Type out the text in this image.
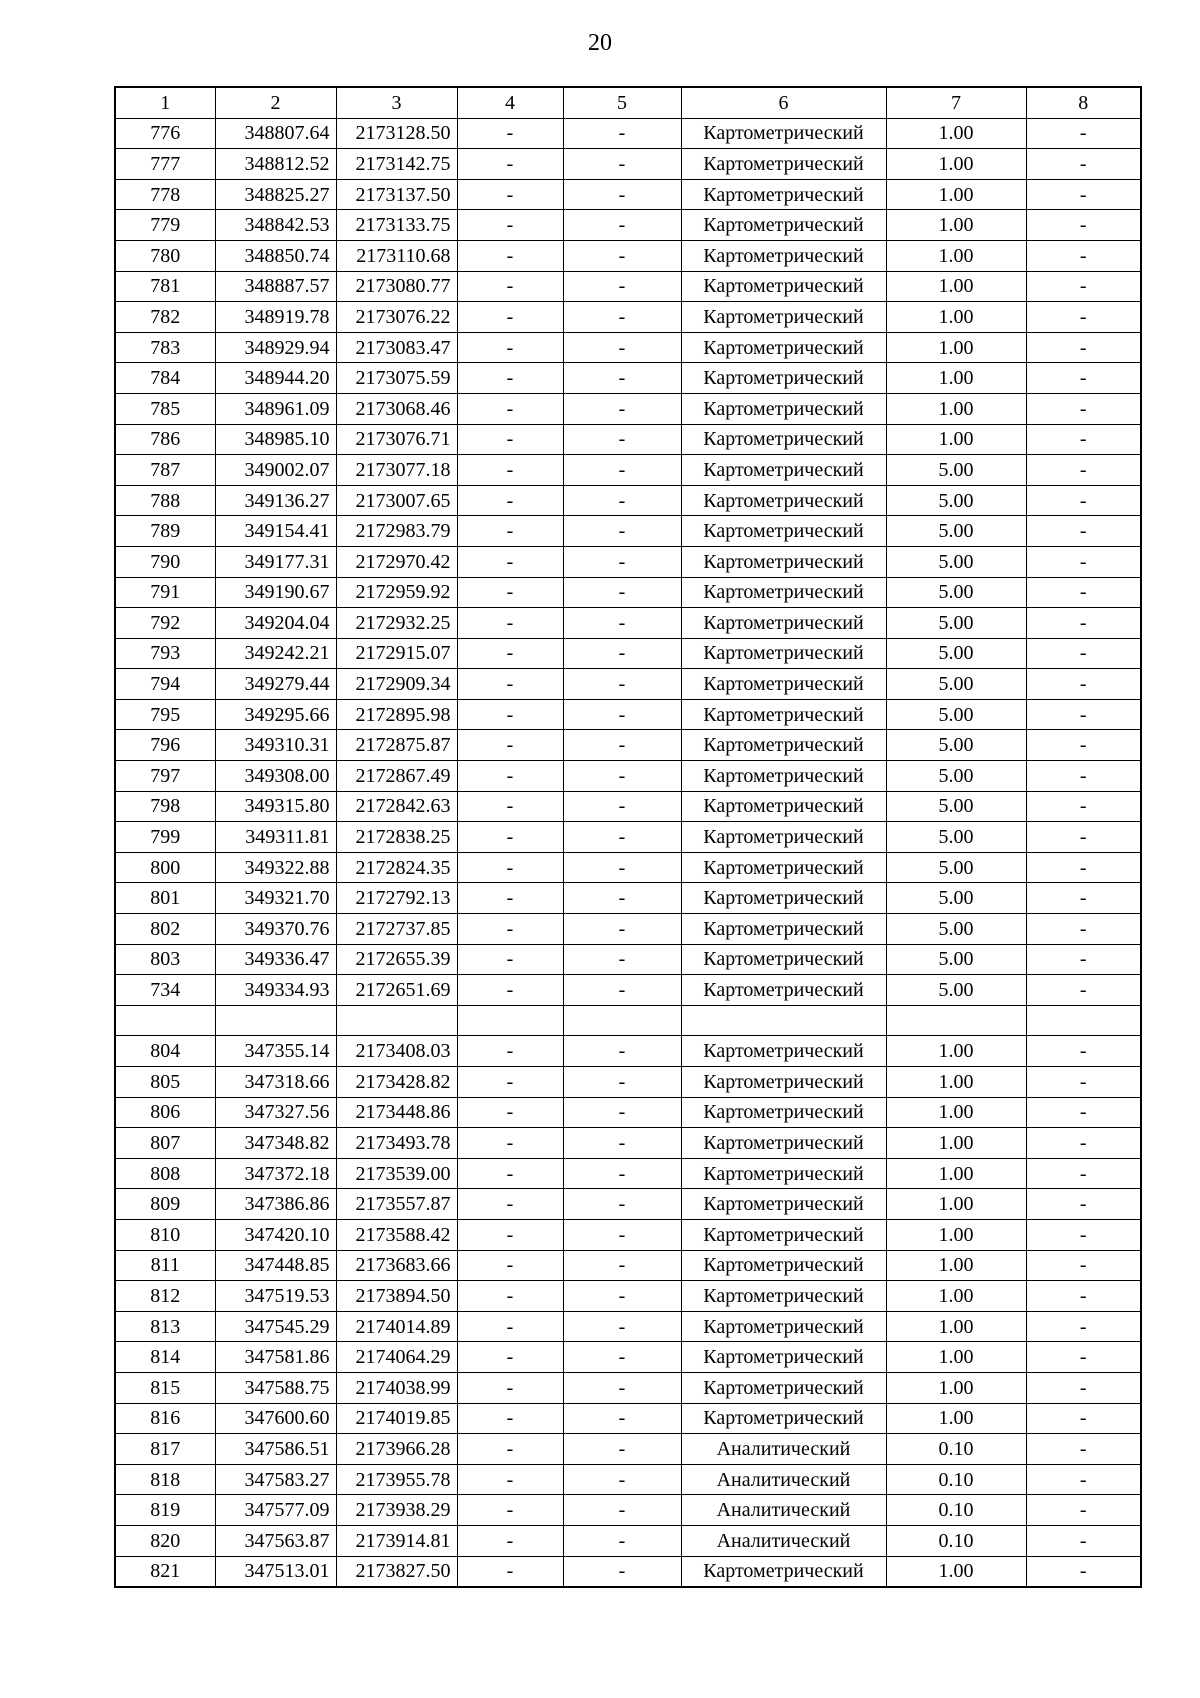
20
1	2	3	4	5	6	7	8
776	348807.64	2173128.50	-	-	Картометрический	1.00	-
777	348812.52	2173142.75	-	-	Картометрический	1.00	-
778	348825.27	2173137.50	-	-	Картометрический	1.00	-
779	348842.53	2173133.75	-	-	Картометрический	1.00	-
780	348850.74	2173110.68	-	-	Картометрический	1.00	-
781	348887.57	2173080.77	-	-	Картометрический	1.00	-
782	348919.78	2173076.22	-	-	Картометрический	1.00	-
783	348929.94	2173083.47	-	-	Картометрический	1.00	-
784	348944.20	2173075.59	-	-	Картометрический	1.00	-
785	348961.09	2173068.46	-	-	Картометрический	1.00	-
786	348985.10	2173076.71	-	-	Картометрический	1.00	-
787	349002.07	2173077.18	-	-	Картометрический	5.00	-
788	349136.27	2173007.65	-	-	Картометрический	5.00	-
789	349154.41	2172983.79	-	-	Картометрический	5.00	-
790	349177.31	2172970.42	-	-	Картометрический	5.00	-
791	349190.67	2172959.92	-	-	Картометрический	5.00	-
792	349204.04	2172932.25	-	-	Картометрический	5.00	-
793	349242.21	2172915.07	-	-	Картометрический	5.00	-
794	349279.44	2172909.34	-	-	Картометрический	5.00	-
795	349295.66	2172895.98	-	-	Картометрический	5.00	-
796	349310.31	2172875.87	-	-	Картометрический	5.00	-
797	349308.00	2172867.49	-	-	Картометрический	5.00	-
798	349315.80	2172842.63	-	-	Картометрический	5.00	-
799	349311.81	2172838.25	-	-	Картометрический	5.00	-
800	349322.88	2172824.35	-	-	Картометрический	5.00	-
801	349321.70	2172792.13	-	-	Картометрический	5.00	-
802	349370.76	2172737.85	-	-	Картометрический	5.00	-
803	349336.47	2172655.39	-	-	Картометрический	5.00	-
734	349334.93	2172651.69	-	-	Картометрический	5.00	-

804	347355.14	2173408.03	-	-	Картометрический	1.00	-
805	347318.66	2173428.82	-	-	Картометрический	1.00	-
806	347327.56	2173448.86	-	-	Картометрический	1.00	-
807	347348.82	2173493.78	-	-	Картометрический	1.00	-
808	347372.18	2173539.00	-	-	Картометрический	1.00	-
809	347386.86	2173557.87	-	-	Картометрический	1.00	-
810	347420.10	2173588.42	-	-	Картометрический	1.00	-
811	347448.85	2173683.66	-	-	Картометрический	1.00	-
812	347519.53	2173894.50	-	-	Картометрический	1.00	-
813	347545.29	2174014.89	-	-	Картометрический	1.00	-
814	347581.86	2174064.29	-	-	Картометрический	1.00	-
815	347588.75	2174038.99	-	-	Картометрический	1.00	-
816	347600.60	2174019.85	-	-	Картометрический	1.00	-
817	347586.51	2173966.28	-	-	Аналитический	0.10	-
818	347583.27	2173955.78	-	-	Аналитический	0.10	-
819	347577.09	2173938.29	-	-	Аналитический	0.10	-
820	347563.87	2173914.81	-	-	Аналитический	0.10	-
821	347513.01	2173827.50	-	-	Картометрический	1.00	-
